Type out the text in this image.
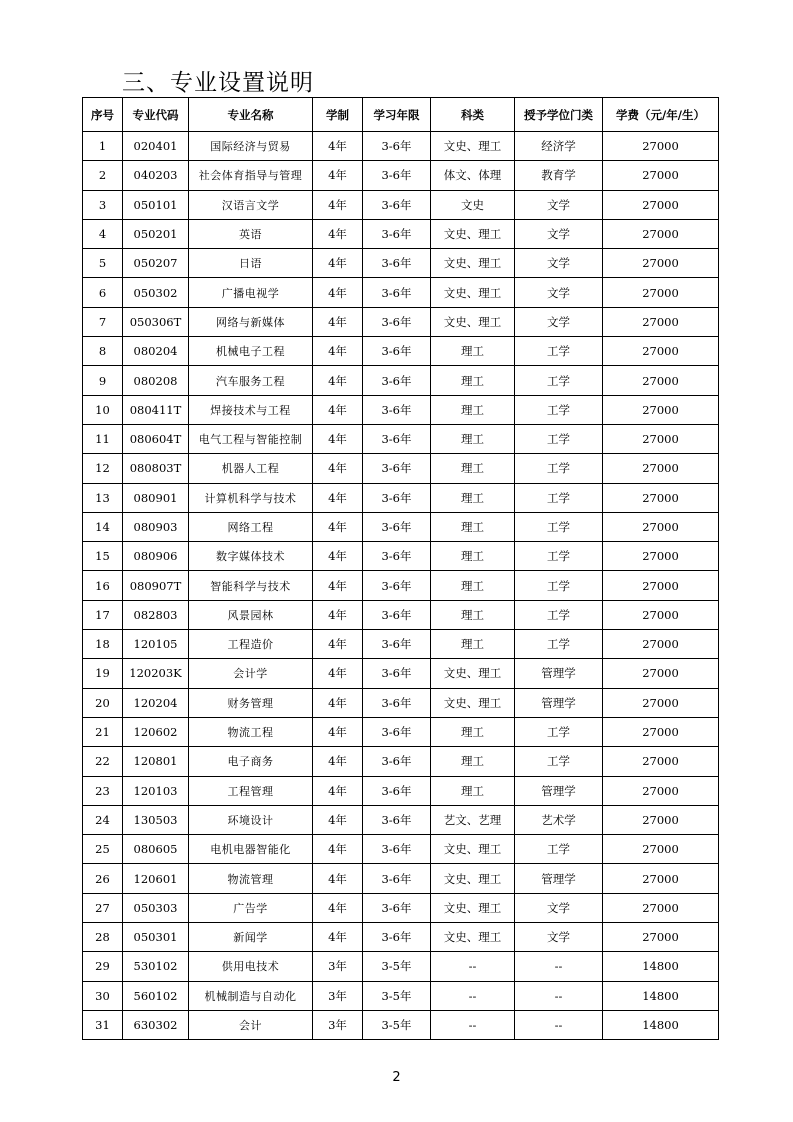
三、专业设置说明
序号	专业代码	专业名称	学制	学习年限	科类	授予学位门类	学费（元/年/生）
1	020401	国际经济与贸易	4年	3-6年	文史、理工	经济学	27000
2	040203	社会体育指导与管理	4年	3-6年	体文、体理	教育学	27000
3	050101	汉语言文学	4年	3-6年	文史	文学	27000
4	050201	英语	4年	3-6年	文史、理工	文学	27000
5	050207	日语	4年	3-6年	文史、理工	文学	27000
6	050302	广播电视学	4年	3-6年	文史、理工	文学	27000
7	050306T	网络与新媒体	4年	3-6年	文史、理工	文学	27000
8	080204	机械电子工程	4年	3-6年	理工	工学	27000
9	080208	汽车服务工程	4年	3-6年	理工	工学	27000
10	080411T	焊接技术与工程	4年	3-6年	理工	工学	27000
11	080604T	电气工程与智能控制	4年	3-6年	理工	工学	27000
12	080803T	机器人工程	4年	3-6年	理工	工学	27000
13	080901	计算机科学与技术	4年	3-6年	理工	工学	27000
14	080903	网络工程	4年	3-6年	理工	工学	27000
15	080906	数字媒体技术	4年	3-6年	理工	工学	27000
16	080907T	智能科学与技术	4年	3-6年	理工	工学	27000
17	082803	风景园林	4年	3-6年	理工	工学	27000
18	120105	工程造价	4年	3-6年	理工	工学	27000
19	120203K	会计学	4年	3-6年	文史、理工	管理学	27000
20	120204	财务管理	4年	3-6年	文史、理工	管理学	27000
21	120602	物流工程	4年	3-6年	理工	工学	27000
22	120801	电子商务	4年	3-6年	理工	工学	27000
23	120103	工程管理	4年	3-6年	理工	管理学	27000
24	130503	环境设计	4年	3-6年	艺文、艺理	艺术学	27000
25	080605	电机电器智能化	4年	3-6年	文史、理工	工学	27000
26	120601	物流管理	4年	3-6年	文史、理工	管理学	27000
27	050303	广告学	4年	3-6年	文史、理工	文学	27000
28	050301	新闻学	4年	3-6年	文史、理工	文学	27000
29	530102	供用电技术	3年	3-5年	--	--	14800
30	560102	机械制造与自动化	3年	3-5年	--	--	14800
31	630302	会计	3年	3-5年	--	--	14800
2
